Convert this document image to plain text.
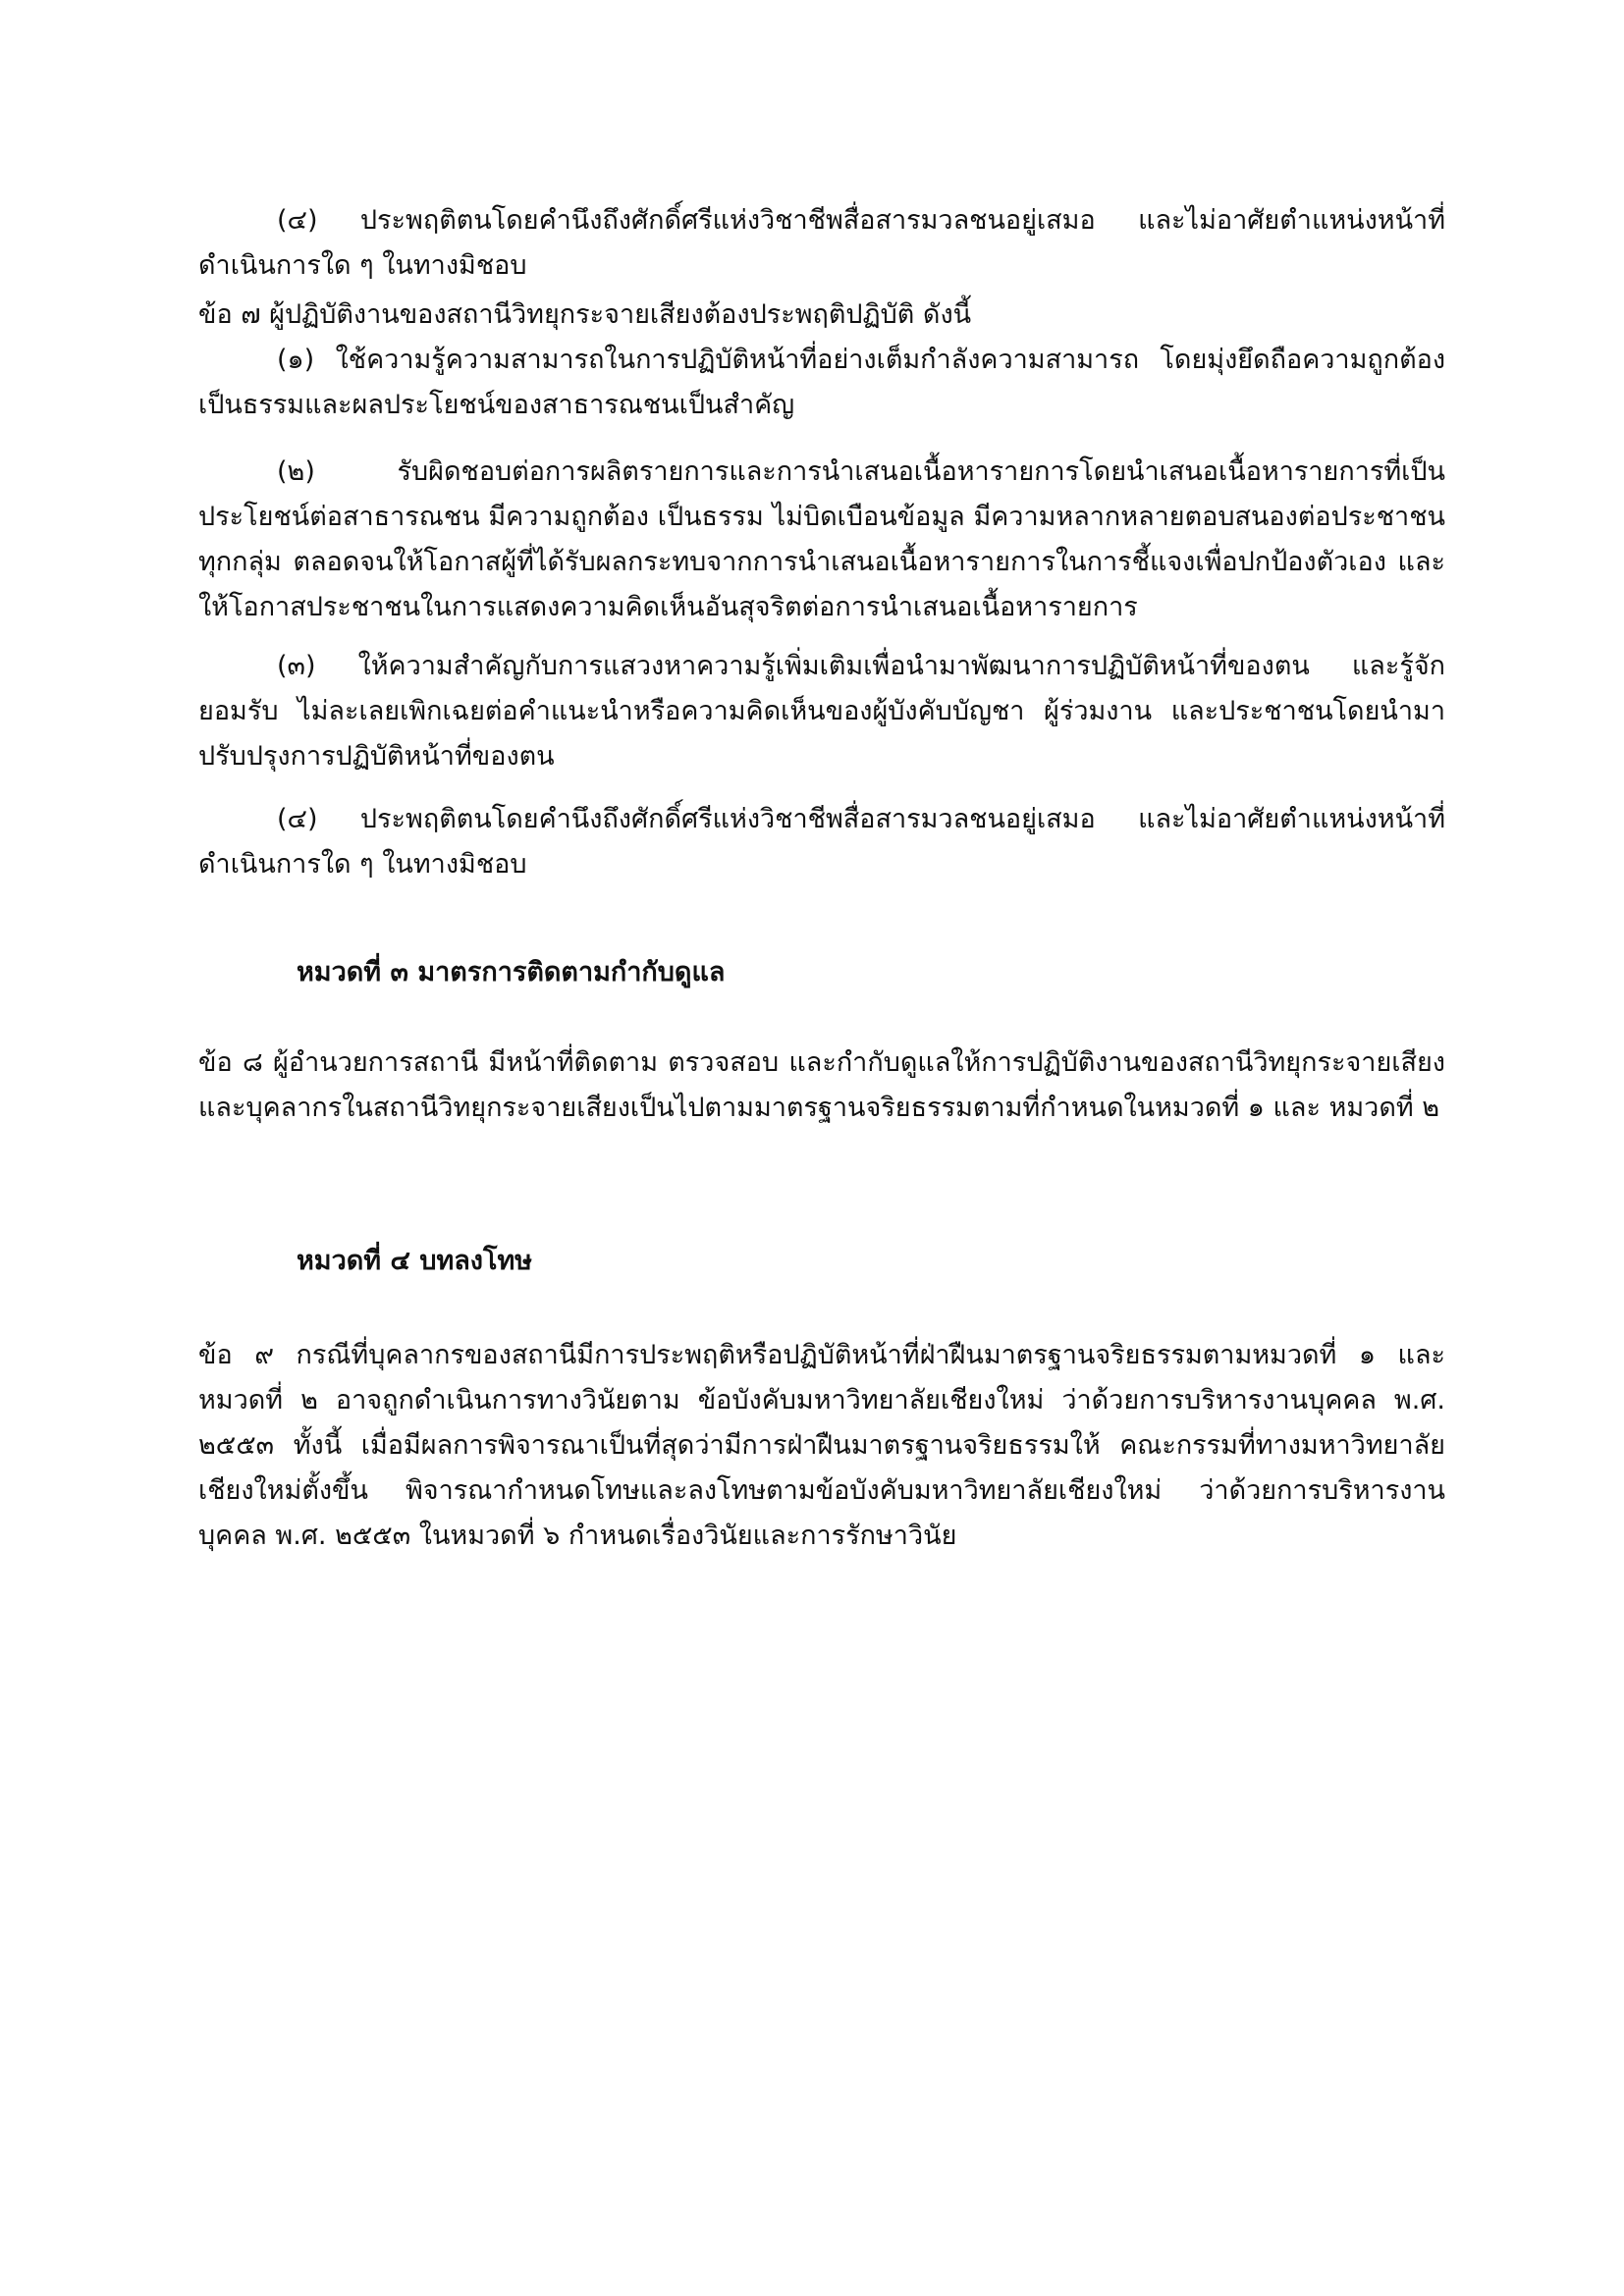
(๔) ประพฤติตนโดยคำนึงถึงศักดิ์ศรีแห่งวิชาชีพสื่อสารมวลชนอยู่เสมอ และไม่อาศัยตำแหน่งหน้าที่ดำเนินการใด ๆ ในทางมิชอบ

ข้อ ๗ ผู้ปฏิบัติงานของสถานีวิทยุกระจายเสียงต้องประพฤติปฏิบัติ ดังนี้

(๑) ใช้ความรู้ความสามารถในการปฏิบัติหน้าที่อย่างเต็มกำลังความสามารถ โดยมุ่งยึดถือความถูกต้อง เป็นธรรมและผลประโยชน์ของสาธารณชนเป็นสำคัญ

(๒) รับผิดชอบต่อการผลิตรายการและการนำเสนอเนื้อหารายการโดยนำเสนอเนื้อหารายการที่เป็นประโยชน์ต่อสาธารณชน มีความถูกต้อง เป็นธรรม ไม่บิดเบือนข้อมูล มีความหลากหลายตอบสนองต่อประชาชนทุกกลุ่ม ตลอดจนให้โอกาสผู้ที่ได้รับผลกระทบจากการนำเสนอเนื้อหารายการในการชี้แจงเพื่อปกป้องตัวเอง และให้โอกาสประชาชนในการแสดงความคิดเห็นอันสุจริตต่อการนำเสนอเนื้อหารายการ

(๓) ให้ความสำคัญกับการแสวงหาความรู้เพิ่มเติมเพื่อนำมาพัฒนาการปฏิบัติหน้าที่ของตน และรู้จักยอมรับ ไม่ละเลยเพิกเฉยต่อคำแนะนำหรือความคิดเห็นของผู้บังคับบัญชา ผู้ร่วมงาน และประชาชนโดยนำมาปรับปรุงการปฏิบัติหน้าที่ของตน

(๔) ประพฤติตนโดยคำนึงถึงศักดิ์ศรีแห่งวิชาชีพสื่อสารมวลชนอยู่เสมอ และไม่อาศัยตำแหน่งหน้าที่ดำเนินการใด ๆ ในทางมิชอบ

หมวดที่ ๓ มาตรการติดตามกำกับดูแล

ข้อ ๘ ผู้อำนวยการสถานี มีหน้าที่ติดตาม ตรวจสอบ และกำกับดูแลให้การปฏิบัติงานของสถานีวิทยุกระจายเสียงและบุคลากรในสถานีวิทยุกระจายเสียงเป็นไปตามมาตรฐานจริยธรรมตามที่กำหนดในหมวดที่ ๑ และ หมวดที่ ๒

หมวดที่ ๔ บทลงโทษ

ข้อ ๙ กรณีที่บุคลากรของสถานีมีการประพฤติหรือปฏิบัติหน้าที่ฝ่าฝืนมาตรฐานจริยธรรมตามหมวดที่ ๑ และหมวดที่ ๒ อาจถูกดำเนินการทางวินัยตาม ข้อบังคับมหาวิทยาลัยเชียงใหม่ ว่าด้วยการบริหารงานบุคคล พ.ศ. ๒๕๕๓ ทั้งนี้ เมื่อมีผลการพิจารณาเป็นที่สุดว่ามีการฝ่าฝืนมาตรฐานจริยธรรมให้ คณะกรรมที่ทางมหาวิทยาลัยเชียงใหม่ตั้งขึ้น พิจารณากำหนดโทษและลงโทษตามข้อบังคับมหาวิทยาลัยเชียงใหม่ ว่าด้วยการบริหารงานบุคคล พ.ศ. ๒๕๕๓ ในหมวดที่ ๖ กำหนดเรื่องวินัยและการรักษาวินัย
